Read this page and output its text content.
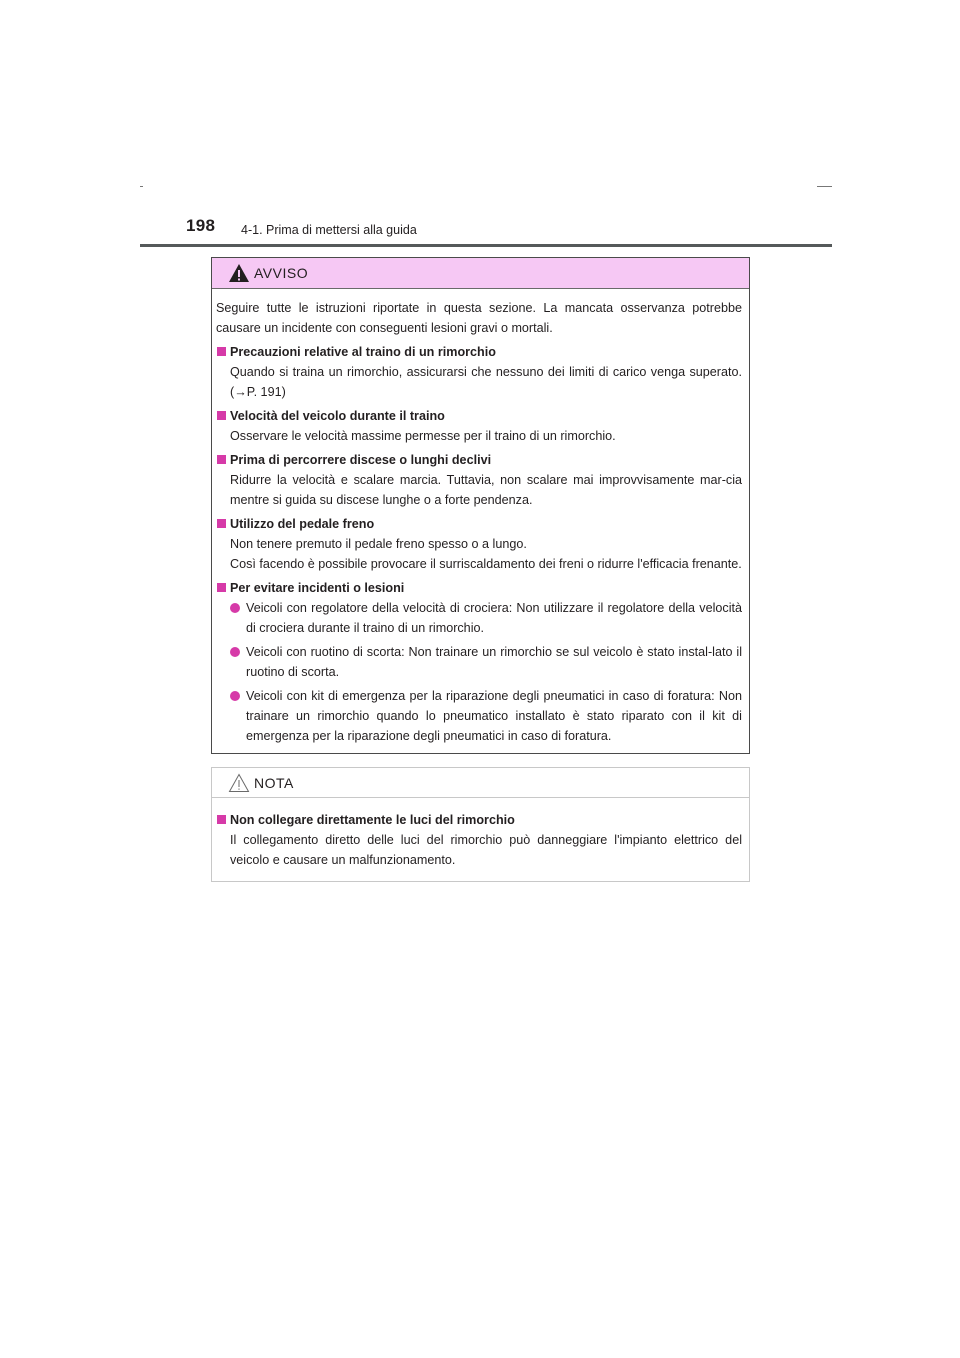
198 4-1. Prima di mettersi alla guida
AVVISO
Seguire tutte le istruzioni riportate in questa sezione. La mancata osservanza potrebbe causare un incidente con conseguenti lesioni gravi o mortali.
Precauzioni relative al traino di un rimorchio
Quando si traina un rimorchio, assicurarsi che nessuno dei limiti di carico venga superato. (→P. 191)
Velocità del veicolo durante il traino
Osservare le velocità massime permesse per il traino di un rimorchio.
Prima di percorrere discese o lunghi declivi
Ridurre la velocità e scalare marcia. Tuttavia, non scalare mai improvvisamente mar-cia mentre si guida su discese lunghe o a forte pendenza.
Utilizzo del pedale freno
Non tenere premuto il pedale freno spesso o a lungo.
Così facendo è possibile provocare il surriscaldamento dei freni o ridurre l'efficacia frenante.
Per evitare incidenti o lesioni
Veicoli con regolatore della velocità di crociera: Non utilizzare il regolatore della velocità di crociera durante il traino di un rimorchio.
Veicoli con ruotino di scorta: Non trainare un rimorchio se sul veicolo è stato instal-lato il ruotino di scorta.
Veicoli con kit di emergenza per la riparazione degli pneumatici in caso di foratura: Non trainare un rimorchio quando lo pneumatico installato è stato riparato con il kit di emergenza per la riparazione degli pneumatici in caso di foratura.
NOTA
Non collegare direttamente le luci del rimorchio
Il collegamento diretto delle luci del rimorchio può danneggiare l'impianto elettrico del veicolo e causare un malfunzionamento.
